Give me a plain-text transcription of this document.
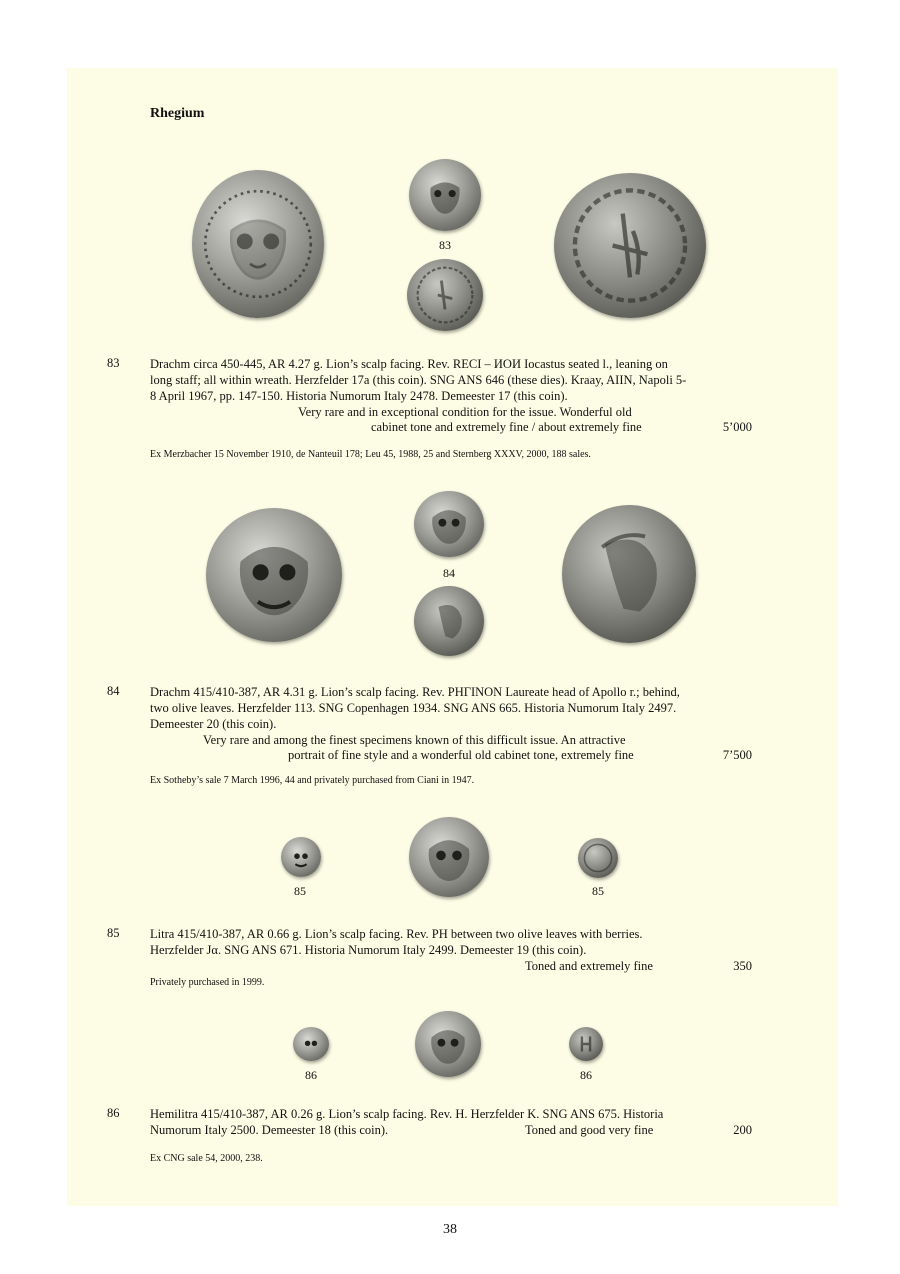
Rhegium
83
83 Drachm circa 450-445, AR 4.27 g. Lion’s scalp facing. Rev. RECI – ИOИ Iocastus seated l., leaning on
long staff; all within wreath. Herzfelder 17a (this coin). SNG ANS 646 (these dies). Kraay, AIIN, Napoli 5-
8 April 1967, pp. 147-150. Historia Numorum Italy 2478. Demeester 17 (this coin).
Very rare and in exceptional condition for the issue. Wonderful old
cabinet tone and extremely fine / about extremely fine	5’000
Ex Merzbacher 15 November 1910, de Nanteuil 178; Leu 45, 1988, 25 and Sternberg XXXV, 2000, 188 sales.
84
84 Drachm 415/410-387, AR 4.31 g. Lion’s scalp facing. Rev. ΡΗΓΙΝΟΝ Laureate head of Apollo r.; behind,
two olive leaves. Herzfelder 113. SNG Copenhagen 1934. SNG ANS 665. Historia Numorum Italy 2497.
Demeester 20 (this coin).
Very rare and among the finest specimens known of this difficult issue. An attractive
portrait of fine style and a wonderful old cabinet tone, extremely fine	7’500
Ex Sotheby’s sale 7 March 1996, 44 and privately purchased from Ciani in 1947.
85	85
85 Litra 415/410-387, AR 0.66 g. Lion’s scalp facing. Rev. PH between two olive leaves with berries.
Herzfelder Jα. SNG ANS 671. Historia Numorum Italy 2499. Demeester 19 (this coin).
Toned and extremely fine	350
Privately purchased in 1999.
86	86
86 Hemilitra 415/410-387, AR 0.26 g. Lion’s scalp facing. Rev. H. Herzfelder K. SNG ANS 675. Historia
Numorum Italy 2500. Demeester 18 (this coin).	Toned and good very fine	200
Ex CNG sale 54, 2000, 238.
38
